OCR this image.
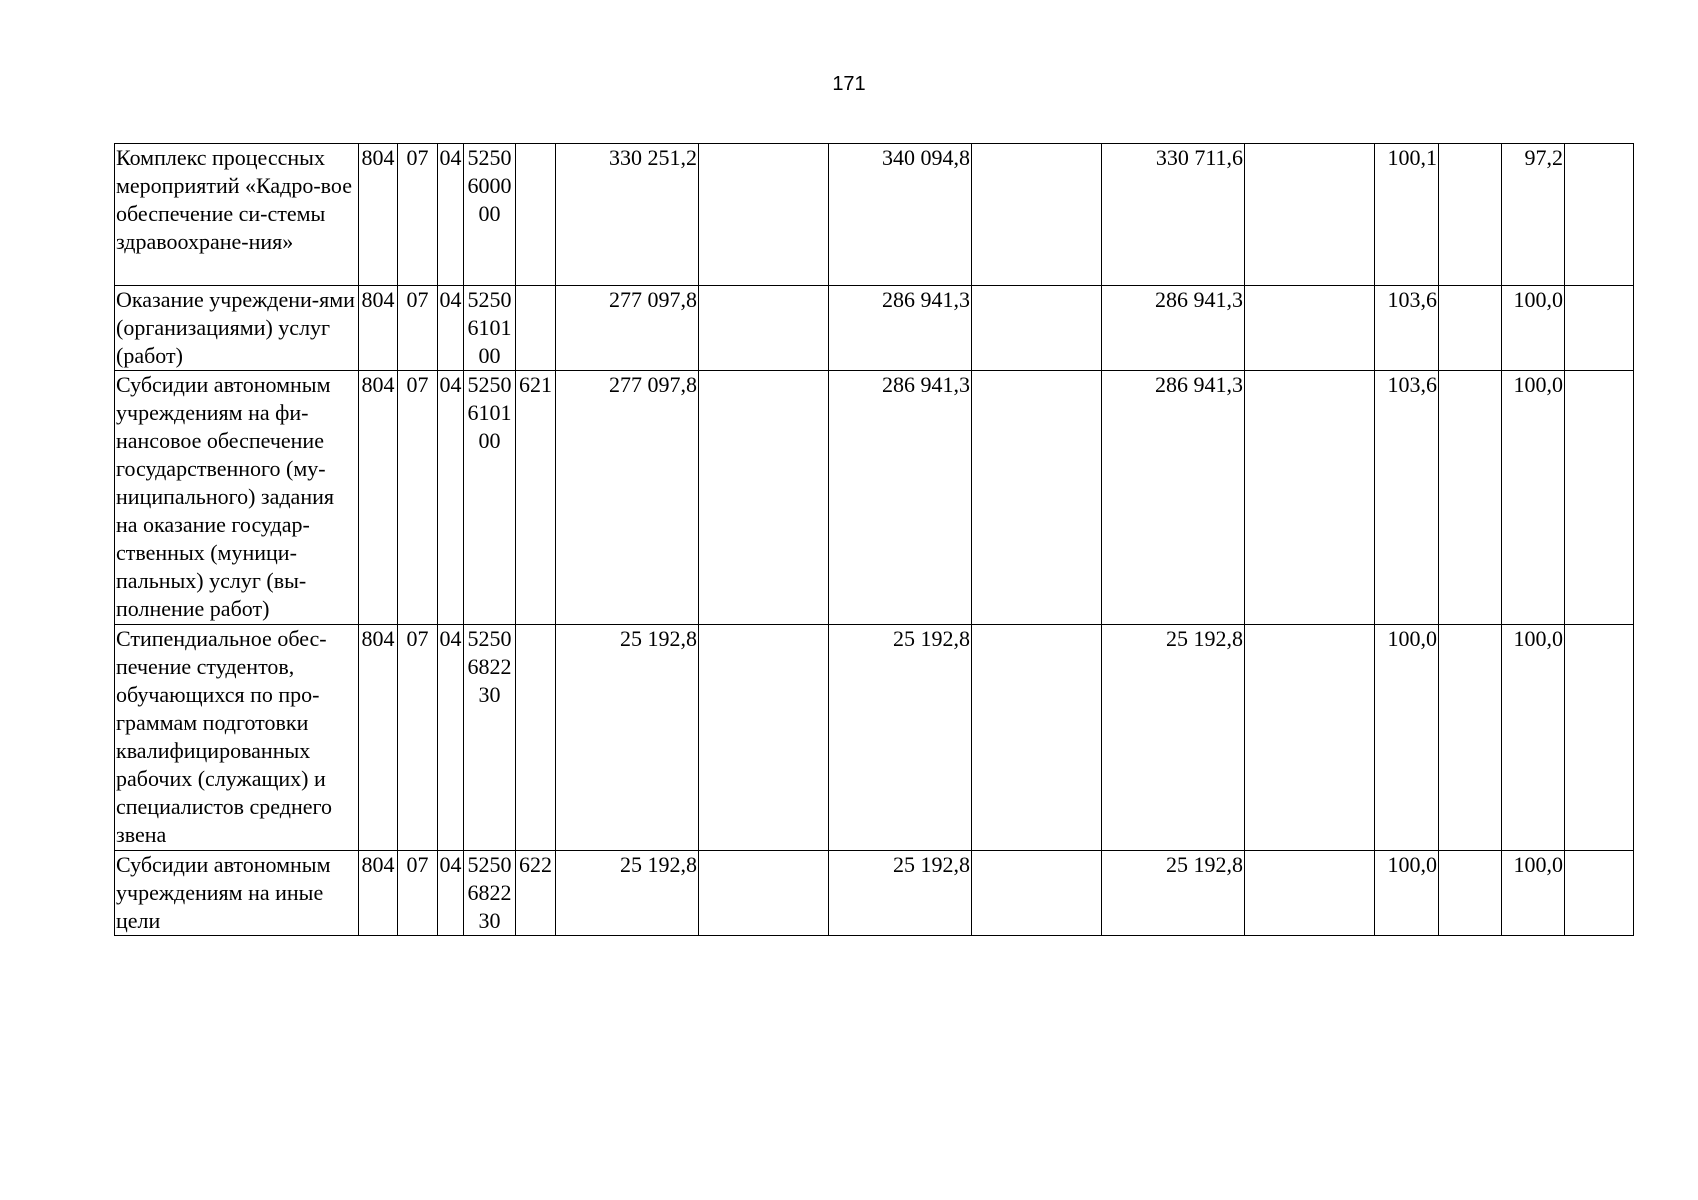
171
Комплекс процессных мероприятий «Кадро-вое обеспечение си-стемы здравоохране-ния»	804	07	04	5250600000		330 251,2		340 094,8		330 711,6		100,1		97,2	
Оказание учреждени-ями (организациями) услуг (работ)	804	07	04	5250610100		277 097,8		286 941,3		286 941,3		103,6		100,0	
Субсидии автономным учреждениям на фи-нансовое обеспечение государственного (му-ниципального) задания на оказание государ-ственных (муници-пальных) услуг (вы-полнение работ)	804	07	04	5250610100	621	277 097,8		286 941,3		286 941,3		103,6		100,0	
Стипендиальное обес-печение студентов, обучающихся по про-граммам подготовки квалифицированных рабочих (служащих) и специалистов среднего звена	804	07	04	5250682230		25 192,8		25 192,8		25 192,8		100,0		100,0	
Субсидии автономным учреждениям на иные цели	804	07	04	5250682230	622	25 192,8		25 192,8		25 192,8		100,0		100,0	
